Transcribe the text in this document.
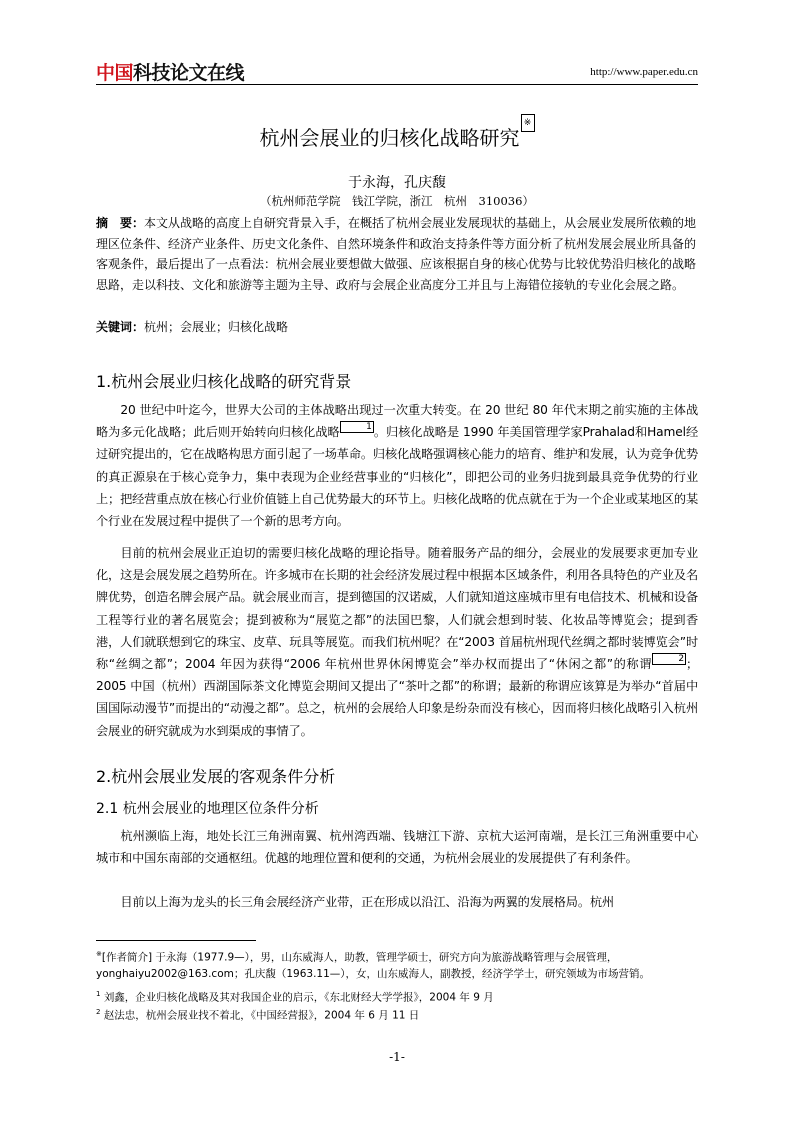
中国科技论文在线	http://www.paper.edu.cn
杭州会展业的归核化战略研究※
于永海，孔庆馥
（杭州师范学院　钱江学院，浙江　杭州　310036）
摘　要：本文从战略的高度上自研究背景入手，在概括了杭州会展业发展现状的基础上，从会展业发展所依赖的地理区位条件、经济产业条件、历史文化条件、自然环境条件和政治支持条件等方面分析了杭州发展会展业所具备的客观条件，最后提出了一点看法：杭州会展业要想做大做强、应该根据自身的核心优势与比较优势沿归核化的战略思路，走以科技、文化和旅游等主题为主导、政府与会展企业高度分工并且与上海错位接轨的专业化会展之路。
关键词：杭州；会展业；归核化战略
1.杭州会展业归核化战略的研究背景
20 世纪中叶迄今，世界大公司的主体战略出现过一次重大转变。在 20 世纪 80 年代末期之前实施的主体战略为多元化战略；此后则开始转向归核化战略	1 。归核化战略是 1990 年美国管理学家Prahalad和Hamel经过研究提出的，它在战略构思方面引起了一场革命。归核化战略强调核心能力的培育、维护和发展，认为竞争优势的真正源泉在于核心竞争力，集中表现为企业经营事业的“归核化”，即把公司的业务归拢到最具竞争优势的行业上；把经营重点放在核心行业价值链上自己优势最大的环节上。归核化战略的优点就在于为一个企业或某地区的某个行业在发展过程中提供了一个新的思考方向。
目前的杭州会展业正迫切的需要归核化战略的理论指导。随着服务产品的细分，会展业的发展要求更加专业化，这是会展发展之趋势所在。许多城市在长期的社会经济发展过程中根据本区域条件，利用各具特色的产业及名牌优势，创造名牌会展产品。就会展业而言，提到德国的汉诺威，人们就知道这座城市里有电信技术、机械和设备工程等行业的著名展览会；提到被称为“展览之都”的法国巴黎，人们就会想到时装、化妆品等博览会；提到香港，人们就联想到它的珠宝、皮草、玩具等展览。而我们杭州呢？在“2003 首届杭州现代丝绸之都时装博览会”时称“丝绸之都”；2004 年因为获得“2006 年杭州世界休闲博览会”举办权而提出了“休闲之都”的称谓	2 ；2005 中国（杭州）西湖国际茶文化博览会期间又提出了“茶叶之都”的称谓；最新的称谓应该算是为举办“首届中国国际动漫节”而提出的“动漫之都”。总之，杭州的会展给人印象是纷杂而没有核心，因而将归核化战略引入杭州会展业的研究就成为水到渠成的事情了。
2.杭州会展业发展的客观条件分析
2.1 杭州会展业的地理区位条件分析
杭州濒临上海，地处长江三角洲南翼、杭州湾西端、钱塘江下游、京杭大运河南端，是长江三角洲重要中心城市和中国东南部的交通枢纽。优越的地理位置和便利的交通，为杭州会展业的发展提供了有利条件。
目前以上海为龙头的长三角会展经济产业带，正在形成以沿江、沿海为两翼的发展格局。杭州
※[作者简介] 于永海（1977.9—），男，山东威海人，助教，管理学硕士，研究方向为旅游战略管理与会展管理，
yonghaiyu2002@163.com；孔庆馥（1963.11—），女，山东威海人，副教授，经济学学士，研究领域为市场营销。
$^1$ 刘鑫，企业归核化战略及其对我国企业的启示，《东北财经大学学报》，2004 年 9 月
$^2$ 赵法忠，杭州会展业找不着北，《中国经营报》，2004 年 6 月 11 日
-1-
